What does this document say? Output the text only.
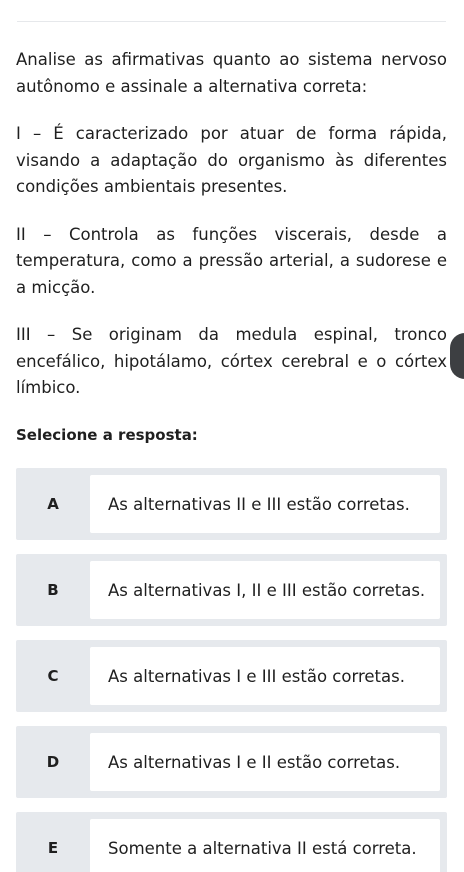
Analise as afirmativas quanto ao sistema nervoso autônomo e assinale a alternativa correta:

I – É caracterizado por atuar de forma rápida, visando a adaptação do organismo às diferentes condições ambientais presentes.

II – Controla as funções viscerais, desde a temperatura, como a pressão arterial, a sudorese e a micção.

III – Se originam da medula espinal, tronco encefálico, hipotálamo, córtex cerebral e o córtex límbico.

Selecione a resposta:
A	As alternativas II e III estão corretas.
B	As alternativas I, II e III estão corretas.
C	As alternativas I e III estão corretas.
D	As alternativas I e II estão corretas.
E	Somente a alternativa II está correta.
